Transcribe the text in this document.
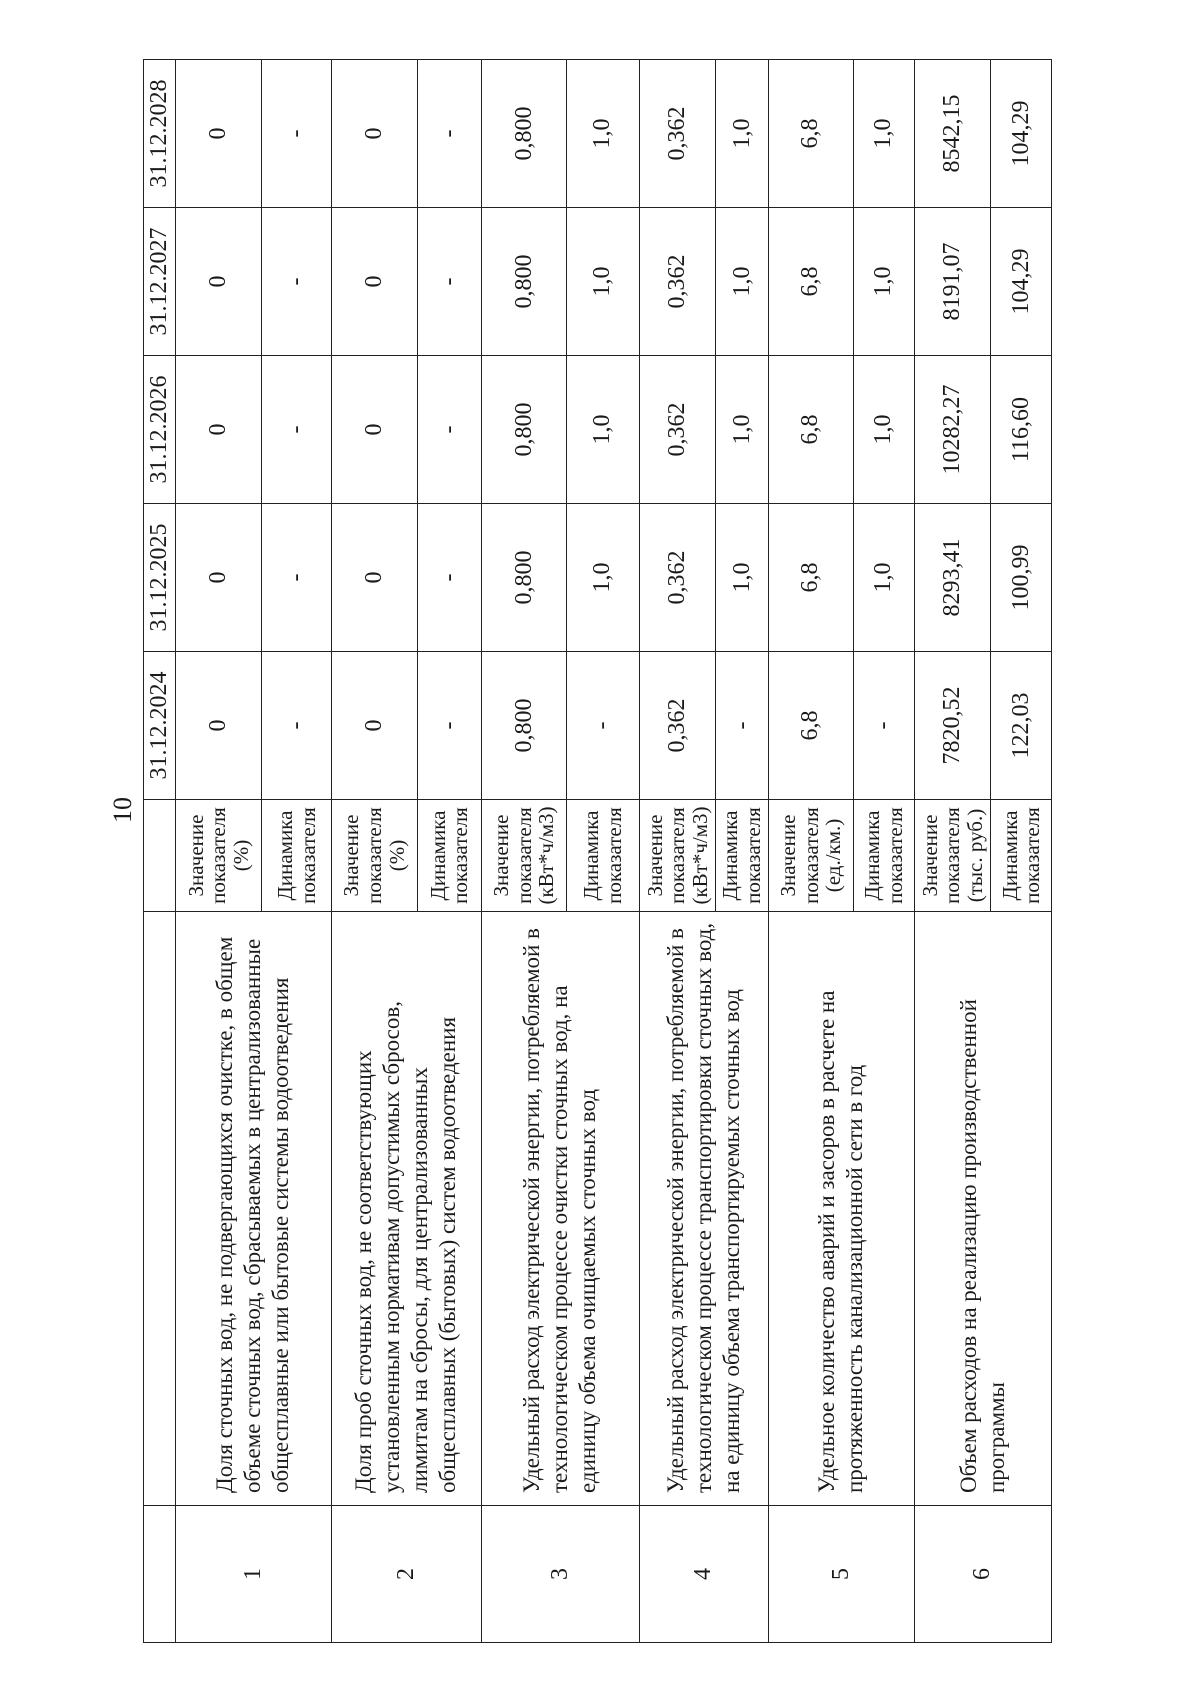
10
			31.12.2024	31.12.2025	31.12.2026	31.12.2027	31.12.2028
1	Доля сточных вод, не подвергающихся очистке, в общем объеме сточных вод, сбрасываемых в централизованные общесплавные или бытовые системы водоотведения	Значение показателя (%)	0	0	0	0	0
		Динамика показателя	-	-	-	-	-
2	Доля проб сточных вод, не соответствующих установленным нормативам допустимых сбросов, лимитам на сбросы, для централизованных общесплавных (бытовых) систем водоотведения	Значение показателя (%)	0	0	0	0	0
		Динамика показателя	-	-	-	-	-
3	Удельный расход электрической энергии, потребляемой в технологическом процессе очистки сточных вод, на единицу объема очищаемых сточных вод	Значение показателя (кВт*ч/м3)	0,800	0,800	0,800	0,800	0,800
		Динамика показателя	-	1,0	1,0	1,0	1,0
4	Удельный расход электрической энергии, потребляемой в технологическом процессе транспортировки сточных вод, на единицу объема транспортируемых сточных вод	Значение показателя (кВт*ч/м3)	0,362	0,362	0,362	0,362	0,362
		Динамика показателя	-	1,0	1,0	1,0	1,0
5	Удельное количество аварий и засоров в расчете на протяженность канализационной сети в год	Значение показателя (ед./км.)	6,8	6,8	6,8	6,8	6,8
		Динамика показателя	-	1,0	1,0	1,0	1,0
6	Объем расходов на реализацию производственной программы	Значение показателя (тыс. руб.)	7820,52	8293,41	10282,27	8191,07	8542,15
		Динамика показателя	122,03	100,99	116,60	104,29	104,29
